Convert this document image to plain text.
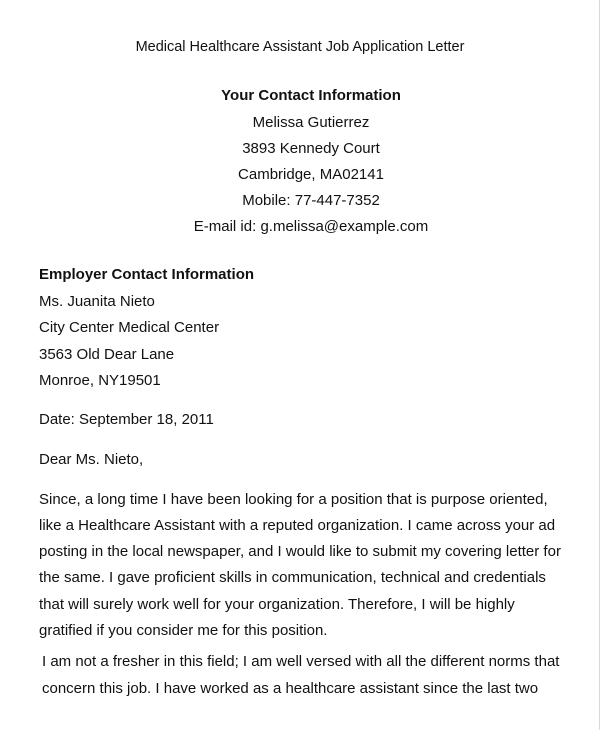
Medical Healthcare Assistant Job Application Letter
Your Contact Information
Melissa Gutierrez
3893 Kennedy Court
Cambridge, MA02141
Mobile: 77-447-7352
E-mail id: g.melissa@example.com
Employer Contact Information
Ms. Juanita Nieto
City Center Medical Center
3563 Old Dear Lane
Monroe, NY19501
Date: September 18, 2011
Dear Ms. Nieto,
Since, a long time I have been looking for a position that is purpose oriented,
like a Healthcare Assistant with a reputed organization. I came across your ad
posting in the local newspaper, and I would like to submit my covering letter for
the same. I gave proficient skills in communication, technical and credentials
that will surely work well for your organization. Therefore, I will be highly
gratified if you consider me for this position.
I am not a fresher in this field; I am well versed with all the different norms that
concern this job. I have worked as a healthcare assistant since the last two
